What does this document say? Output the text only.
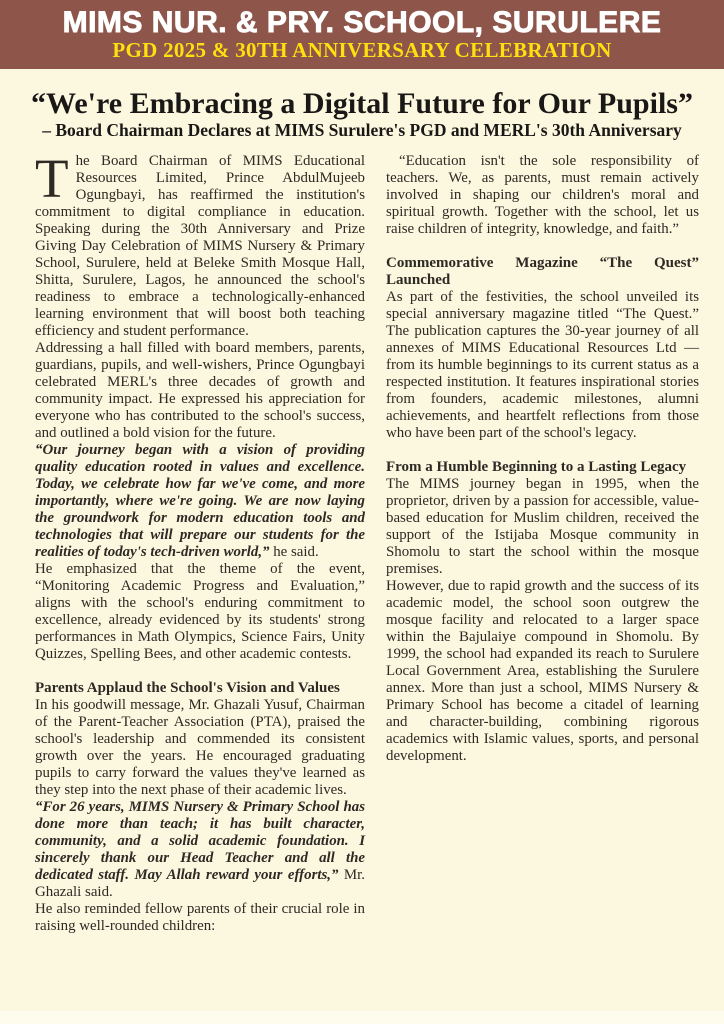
MIMS NUR. & PRY. SCHOOL, SURULERE
PGD 2025 & 30TH ANNIVERSARY CELEBRATION
“We're Embracing a Digital Future for Our Pupils”
– Board Chairman Declares at MIMS Surulere's PGD and MERL's 30th Anniversary

The Board Chairman of MIMS Educational Resources Limited, Prince AbdulMujeeb Ogungbayi, has reaffirmed the institution's commitment to digital compliance in education. Speaking during the 30th Anniversary and Prize Giving Day Celebration of MIMS Nursery & Primary School, Surulere, held at Beleke Smith Mosque Hall, Shitta, Surulere, Lagos, he announced the school's readiness to embrace a technologically-enhanced learning environment that will boost both teaching efficiency and student performance.

Addressing a hall filled with board members, parents, guardians, pupils, and well-wishers, Prince Ogungbayi celebrated MERL's three decades of growth and community impact. He expressed his appreciation for everyone who has contributed to the school's success, and outlined a bold vision for the future.

“Our journey began with a vision of providing quality education rooted in values and excellence. Today, we celebrate how far we've come, and more importantly, where we're going. We are now laying the groundwork for modern education tools and technologies that will prepare our students for the realities of today's tech-driven world,” he said.

He emphasized that the theme of the event, “Monitoring Academic Progress and Evaluation,” aligns with the school's enduring commitment to excellence, already evidenced by its students' strong performances in Math Olympics, Science Fairs, Unity Quizzes, Spelling Bees, and other academic contests.

Parents Applaud the School's Vision and Values

In his goodwill message, Mr. Ghazali Yusuf, Chairman of the Parent-Teacher Association (PTA), praised the school's leadership and commended its consistent growth over the years. He encouraged graduating pupils to carry forward the values they've learned as they step into the next phase of their academic lives.

“For 26 years, MIMS Nursery & Primary School has done more than teach; it has built character, community, and a solid academic foundation. I sincerely thank our Head Teacher and all the dedicated staff. May Allah reward your efforts,” Mr. Ghazali said.

He also reminded fellow parents of their crucial role in raising well-rounded children:

“Education isn't the sole responsibility of teachers. We, as parents, must remain actively involved in shaping our children's moral and spiritual growth. Together with the school, let us raise children of integrity, knowledge, and faith.”

Commemorative Magazine “The Quest” Launched

As part of the festivities, the school unveiled its special anniversary magazine titled “The Quest.” The publication captures the 30-year journey of all annexes of MIMS Educational Resources Ltd — from its humble beginnings to its current status as a respected institution. It features inspirational stories from founders, academic milestones, alumni achievements, and heartfelt reflections from those who have been part of the school's legacy.

From a Humble Beginning to a Lasting Legacy

The MIMS journey began in 1995, when the proprietor, driven by a passion for accessible, value-based education for Muslim children, received the support of the Istijaba Mosque community in Shomolu to start the school within the mosque premises.

However, due to rapid growth and the success of its academic model, the school soon outgrew the mosque facility and relocated to a larger space within the Bajulaiye compound in Shomolu. By 1999, the school had expanded its reach to Surulere Local Government Area, establishing the Surulere annex. More than just a school, MIMS Nursery & Primary School has become a citadel of learning and character-building, combining rigorous academics with Islamic values, sports, and personal development.
